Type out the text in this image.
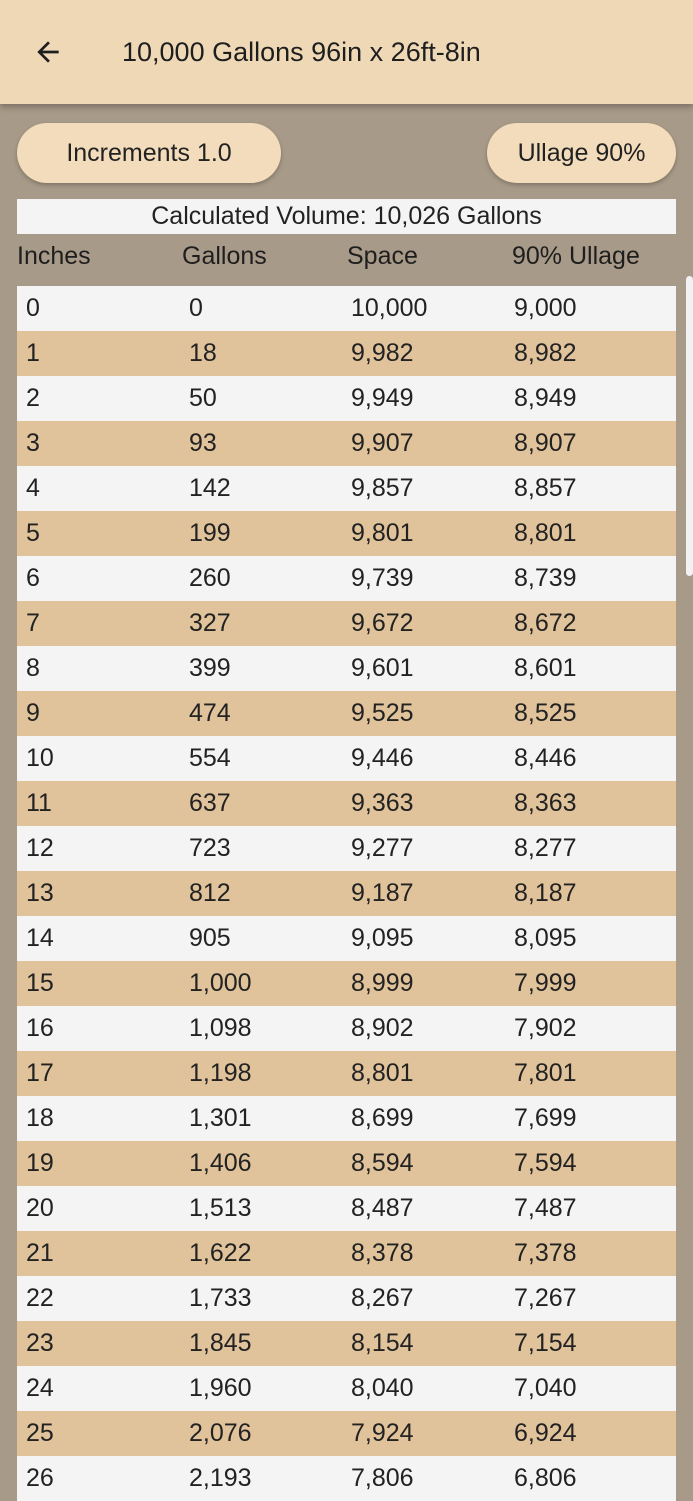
10,000 Gallons 96in x 26ft-8in
Increments 1.0	Ullage 90%
Calculated Volume: 10,026 Gallons
Inches	Gallons	Space	90% Ullage
0	0	10,000	9,000
1	18	9,982	8,982
2	50	9,949	8,949
3	93	9,907	8,907
4	142	9,857	8,857
5	199	9,801	8,801
6	260	9,739	8,739
7	327	9,672	8,672
8	399	9,601	8,601
9	474	9,525	8,525
10	554	9,446	8,446
11	637	9,363	8,363
12	723	9,277	8,277
13	812	9,187	8,187
14	905	9,095	8,095
15	1,000	8,999	7,999
16	1,098	8,902	7,902
17	1,198	8,801	7,801
18	1,301	8,699	7,699
19	1,406	8,594	7,594
20	1,513	8,487	7,487
21	1,622	8,378	7,378
22	1,733	8,267	7,267
23	1,845	8,154	7,154
24	1,960	8,040	7,040
25	2,076	7,924	6,924
26	2,193	7,806	6,806
